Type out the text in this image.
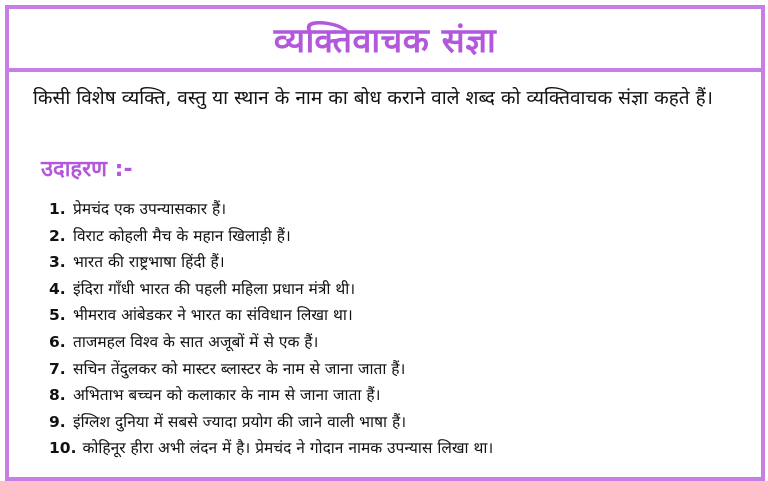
व्यक्तिवाचक संज्ञा
किसी विशेष व्यक्ति, वस्तु या स्थान के नाम का बोध कराने वाले शब्द को व्यक्तिवाचक संज्ञा कहते हैं।
उदाहरण :-
1. प्रेमचंद एक उपन्यासकार हैं।
2. विराट कोहली मैच के महान खिलाड़ी हैं।
3. भारत की राष्ट्रभाषा हिंदी हैं।
4. इंदिरा गाँधी भारत की पहली महिला प्रधान मंत्री थी।
5. भीमराव आंबेडकर ने भारत का संविधान लिखा था।
6. ताजमहल विश्व के सात अजूबों में से एक हैं।
7. सचिन तेंदुलकर को मास्टर ब्लास्टर के नाम से जाना जाता हैं।
8. अभिताभ बच्चन को कलाकार के नाम से जाना जाता हैं।
9. इंग्लिश दुनिया में सबसे ज्यादा प्रयोग की जाने वाली भाषा हैं।
10. कोहिनूर हीरा अभी लंदन में है। प्रेमचंद ने गोदान नामक उपन्यास लिखा था।
